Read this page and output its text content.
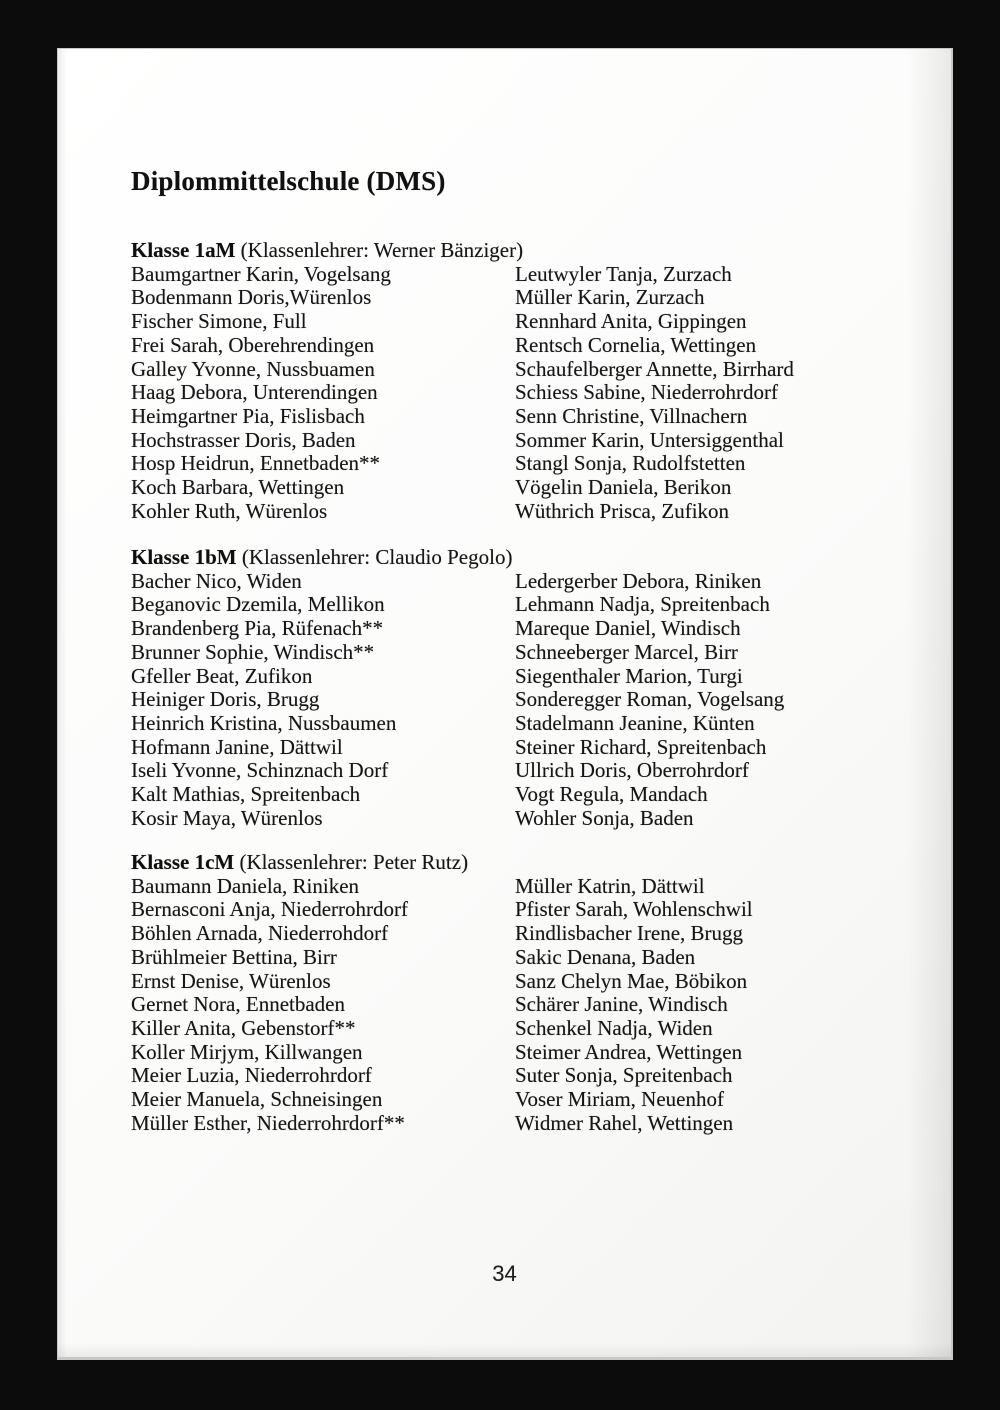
Diplommittelschule (DMS)
Klasse 1aM (Klassenlehrer: Werner Bänziger)
Baumgartner Karin, Vogelsang
Bodenmann Doris,Würenlos
Fischer Simone, Full
Frei Sarah, Oberehrendingen
Galley Yvonne, Nussbuamen
Haag Debora, Unterendingen
Heimgartner Pia, Fislisbach
Hochstrasser Doris, Baden
Hosp Heidrun, Ennetbaden**
Koch Barbara, Wettingen
Kohler Ruth, Würenlos
Leutwyler Tanja, Zurzach
Müller Karin, Zurzach
Rennhard Anita, Gippingen
Rentsch Cornelia, Wettingen
Schaufelberger Annette, Birrhard
Schiess Sabine, Niederrohrdorf
Senn Christine, Villnachern
Sommer Karin, Untersiggenthal
Stangl Sonja, Rudolfstetten
Vögelin Daniela, Berikon
Wüthrich Prisca, Zufikon
Klasse 1bM (Klassenlehrer: Claudio Pegolo)
Bacher Nico, Widen
Beganovic Dzemila, Mellikon
Brandenberg Pia, Rüfenach**
Brunner Sophie, Windisch**
Gfeller Beat, Zufikon
Heiniger Doris, Brugg
Heinrich Kristina, Nussbaumen
Hofmann Janine, Dättwil
Iseli Yvonne, Schinznach Dorf
Kalt Mathias, Spreitenbach
Kosir Maya, Würenlos
Ledergerber Debora, Riniken
Lehmann Nadja, Spreitenbach
Mareque Daniel, Windisch
Schneeberger Marcel, Birr
Siegenthaler Marion, Turgi
Sonderegger Roman, Vogelsang
Stadelmann Jeanine, Künten
Steiner Richard, Spreitenbach
Ullrich Doris, Oberrohrdorf
Vogt Regula, Mandach
Wohler Sonja, Baden
Klasse 1cM (Klassenlehrer: Peter Rutz)
Baumann Daniela, Riniken
Bernasconi Anja, Niederrohrdorf
Böhlen Arnada, Niederrohdorf
Brühlmeier Bettina, Birr
Ernst Denise, Würenlos
Gernet Nora, Ennetbaden
Killer Anita, Gebenstorf**
Koller Mirjym, Killwangen
Meier Luzia, Niederrohrdorf
Meier Manuela, Schneisingen
Müller Esther, Niederrohrdorf**
Müller Katrin, Dättwil
Pfister Sarah, Wohlenschwil
Rindlisbacher Irene, Brugg
Sakic Denana, Baden
Sanz Chelyn Mae, Böbikon
Schärer Janine, Windisch
Schenkel Nadja, Widen
Steimer Andrea, Wettingen
Suter Sonja, Spreitenbach
Voser Miriam, Neuenhof
Widmer Rahel, Wettingen
34
